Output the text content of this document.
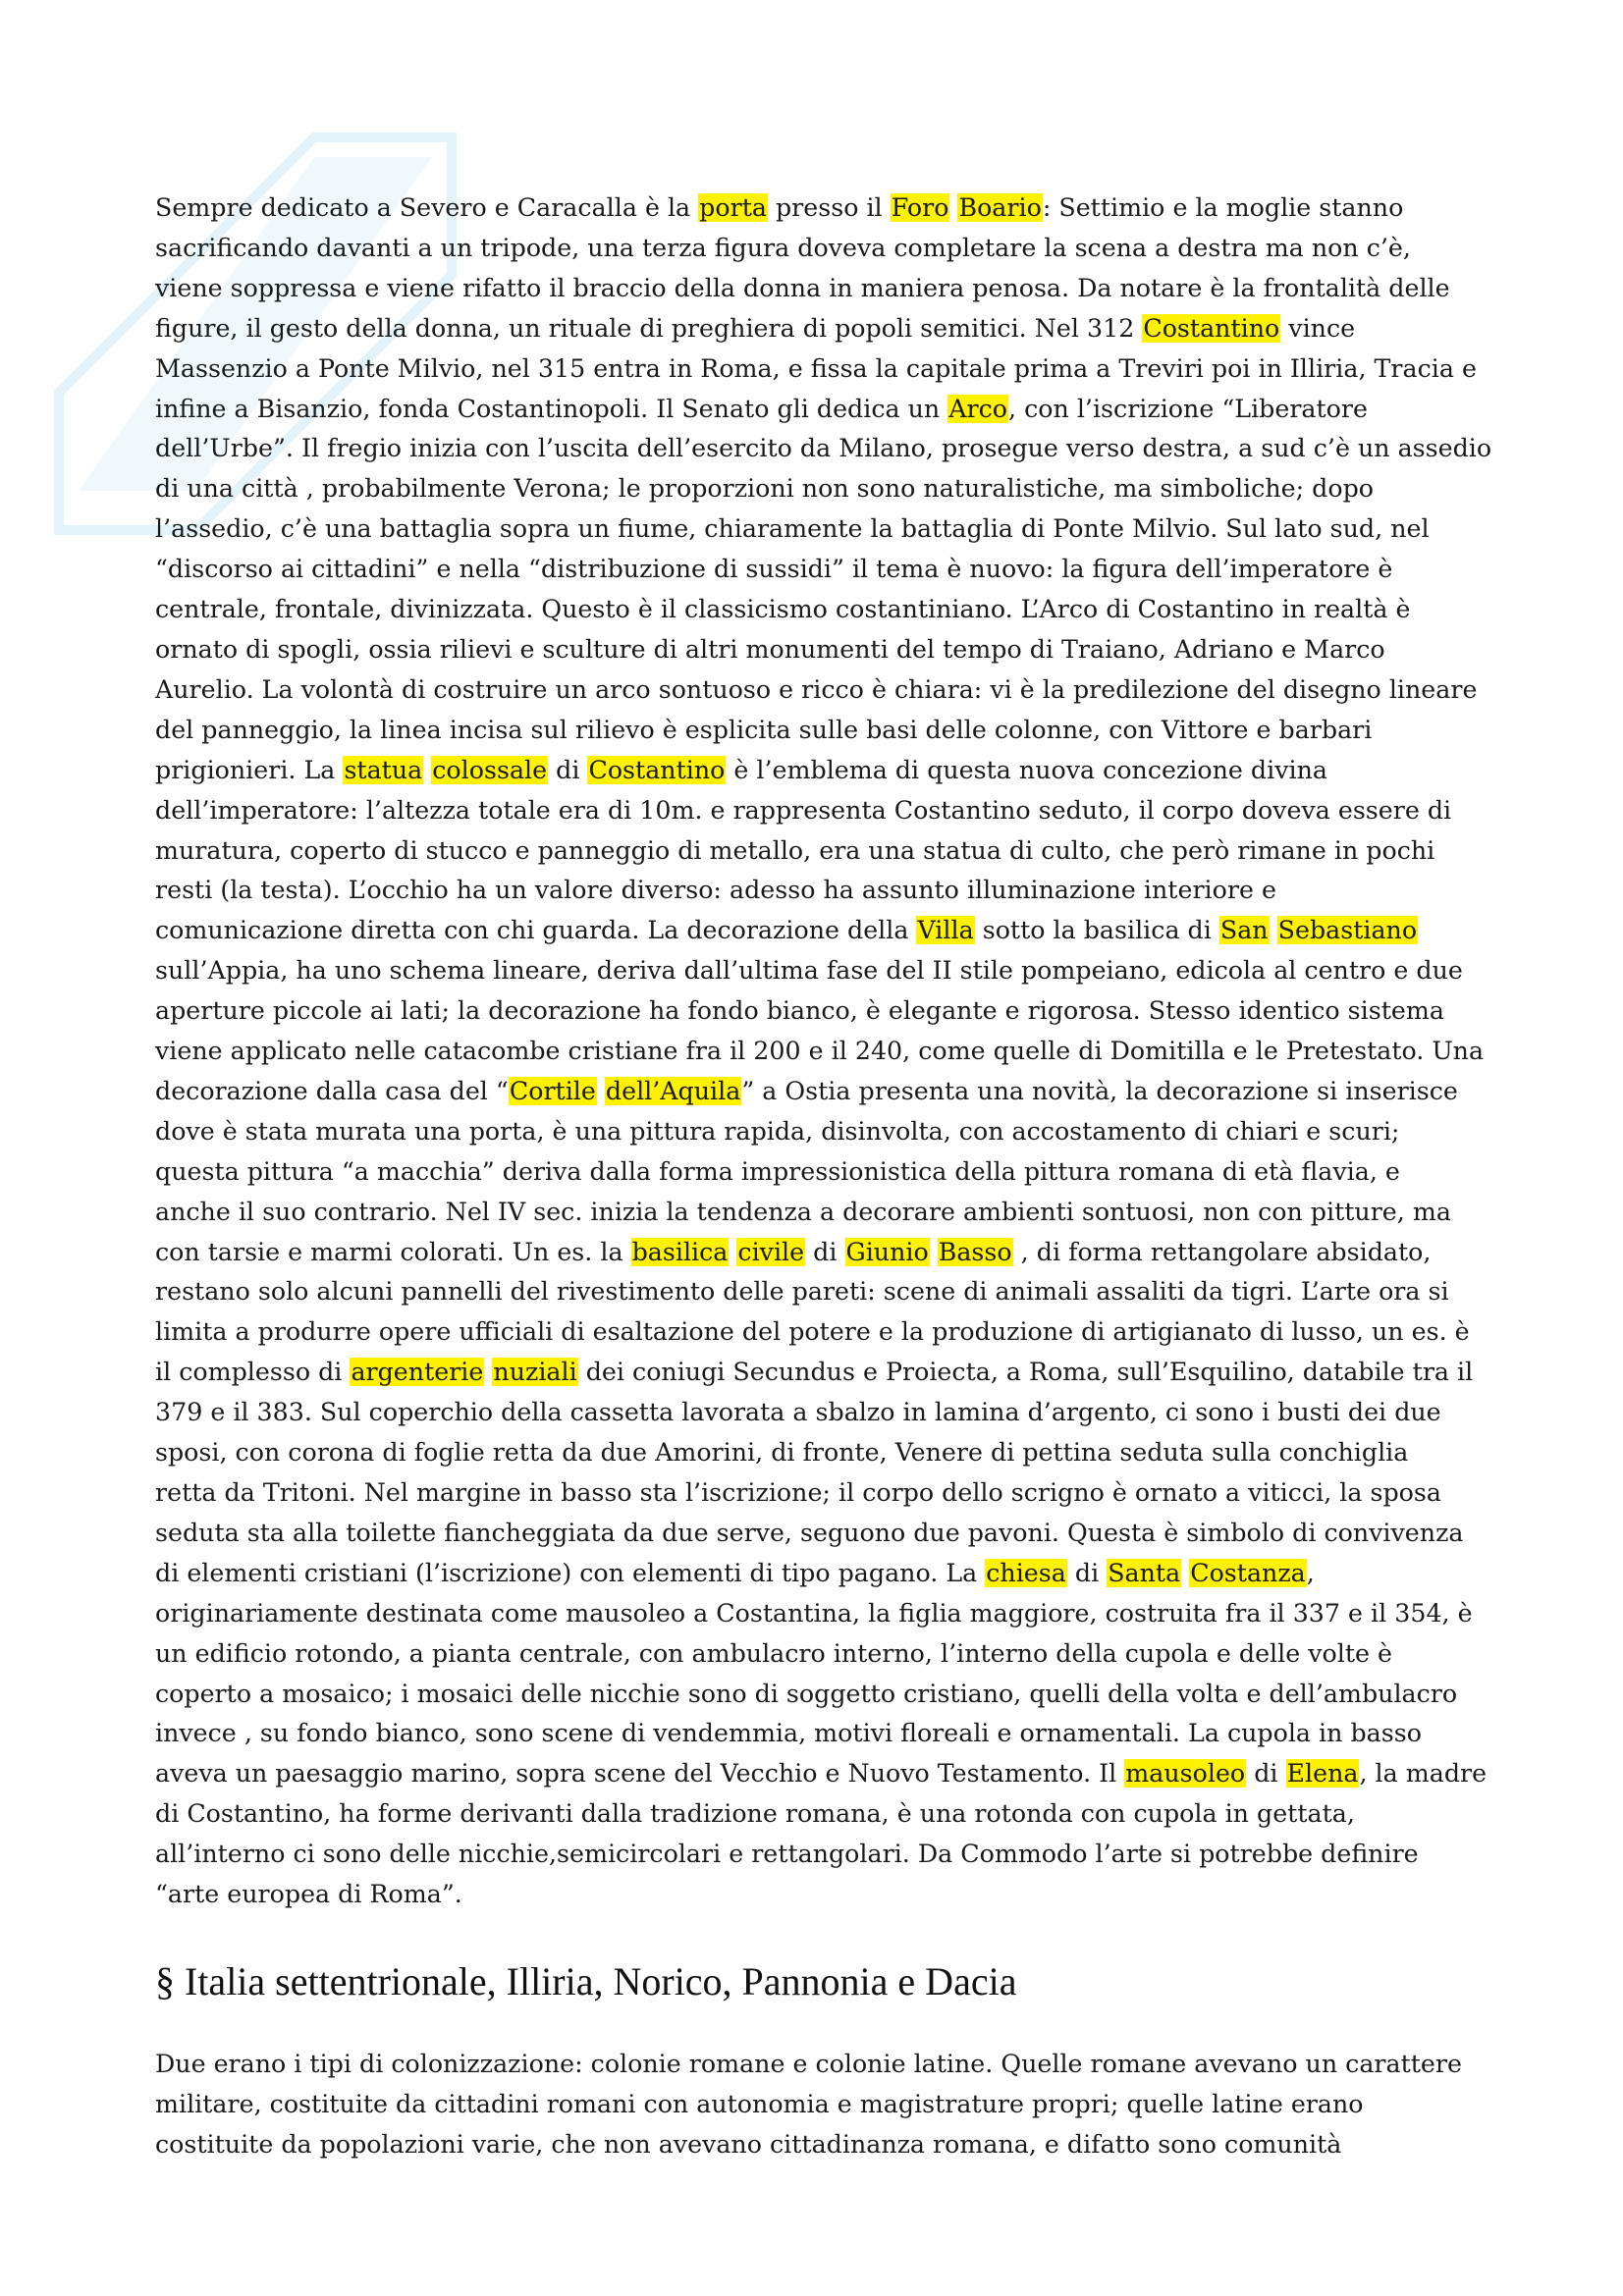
Sempre dedicato a Severo e Caracalla è la porta presso il Foro Boario: Settimio e la moglie stanno
sacrificando davanti a un tripode, una terza figura doveva completare la scena a destra ma non c’è,
viene soppressa e viene rifatto il braccio della donna in maniera penosa. Da notare è la frontalità delle
figure, il gesto della donna, un rituale di preghiera di popoli semitici. Nel 312 Costantino vince
Massenzio a Ponte Milvio, nel 315 entra in Roma, e fissa la capitale prima a Treviri poi in Illiria, Tracia e
infine a Bisanzio, fonda Costantinopoli. Il Senato gli dedica un Arco, con l’iscrizione “Liberatore
dell’Urbe”. Il fregio inizia con l’uscita dell’esercito da Milano, prosegue verso destra, a sud c’è un assedio
di una città , probabilmente Verona; le proporzioni non sono naturalistiche, ma simboliche; dopo
l’assedio, c’è una battaglia sopra un fiume, chiaramente la battaglia di Ponte Milvio. Sul lato sud, nel
“discorso ai cittadini” e nella “distribuzione di sussidi” il tema è nuovo: la figura dell’imperatore è
centrale, frontale, divinizzata. Questo è il classicismo costantiniano. L’Arco di Costantino in realtà è
ornato di spogli, ossia rilievi e sculture di altri monumenti del tempo di Traiano, Adriano e Marco
Aurelio. La volontà di costruire un arco sontuoso e ricco è chiara: vi è la predilezione del disegno lineare
del panneggio, la linea incisa sul rilievo è esplicita sulle basi delle colonne, con Vittore e barbari
prigionieri. La statua colossale di Costantino è l’emblema di questa nuova concezione divina
dell’imperatore: l’altezza totale era di 10m. e rappresenta Costantino seduto, il corpo doveva essere di
muratura, coperto di stucco e panneggio di metallo, era una statua di culto, che però rimane in pochi
resti (la testa). L’occhio ha un valore diverso: adesso ha assunto illuminazione interiore e
comunicazione diretta con chi guarda. La decorazione della Villa sotto la basilica di San Sebastiano
sull’Appia, ha uno schema lineare, deriva dall’ultima fase del II stile pompeiano, edicola al centro e due
aperture piccole ai lati; la decorazione ha fondo bianco, è elegante e rigorosa. Stesso identico sistema
viene applicato nelle catacombe cristiane fra il 200 e il 240, come quelle di Domitilla e le Pretestato. Una
decorazione dalla casa del “Cortile dell’Aquila” a Ostia presenta una novità, la decorazione si inserisce
dove è stata murata una porta, è una pittura rapida, disinvolta, con accostamento di chiari e scuri;
questa pittura “a macchia” deriva dalla forma impressionistica della pittura romana di età flavia, e
anche il suo contrario. Nel IV sec. inizia la tendenza a decorare ambienti sontuosi, non con pitture, ma
con tarsie e marmi colorati. Un es. la basilica civile di Giunio Basso , di forma rettangolare absidato,
restano solo alcuni pannelli del rivestimento delle pareti: scene di animali assaliti da tigri. L’arte ora si
limita a produrre opere ufficiali di esaltazione del potere e la produzione di artigianato di lusso, un es. è
il complesso di argenterie nuziali dei coniugi Secundus e Proiecta, a Roma, sull’Esquilino, databile tra il
379 e il 383. Sul coperchio della cassetta lavorata a sbalzo in lamina d’argento, ci sono i busti dei due
sposi, con corona di foglie retta da due Amorini, di fronte, Venere di pettina seduta sulla conchiglia
retta da Tritoni. Nel margine in basso sta l’iscrizione; il corpo dello scrigno è ornato a viticci, la sposa
seduta sta alla toilette fiancheggiata da due serve, seguono due pavoni. Questa è simbolo di convivenza
di elementi cristiani (l’iscrizione) con elementi di tipo pagano. La chiesa di Santa Costanza,
originariamente destinata come mausoleo a Costantina, la figlia maggiore, costruita fra il 337 e il 354, è
un edificio rotondo, a pianta centrale, con ambulacro interno, l’interno della cupola e delle volte è
coperto a mosaico; i mosaici delle nicchie sono di soggetto cristiano, quelli della volta e dell’ambulacro
invece , su fondo bianco, sono scene di vendemmia, motivi floreali e ornamentali. La cupola in basso
aveva un paesaggio marino, sopra scene del Vecchio e Nuovo Testamento. Il mausoleo di Elena, la madre
di Costantino, ha forme derivanti dalla tradizione romana, è una rotonda con cupola in gettata,
all’interno ci sono delle nicchie,semicircolari e rettangolari. Da Commodo l’arte si potrebbe definire
“arte europea di Roma”.

§ Italia settentrionale, Illiria, Norico, Pannonia e Dacia

Due erano i tipi di colonizzazione: colonie romane e colonie latine. Quelle romane avevano un carattere
militare, costituite da cittadini romani con autonomia e magistrature propri; quelle latine erano
costituite da popolazioni varie, che non avevano cittadinanza romana, e difatto sono comunità
